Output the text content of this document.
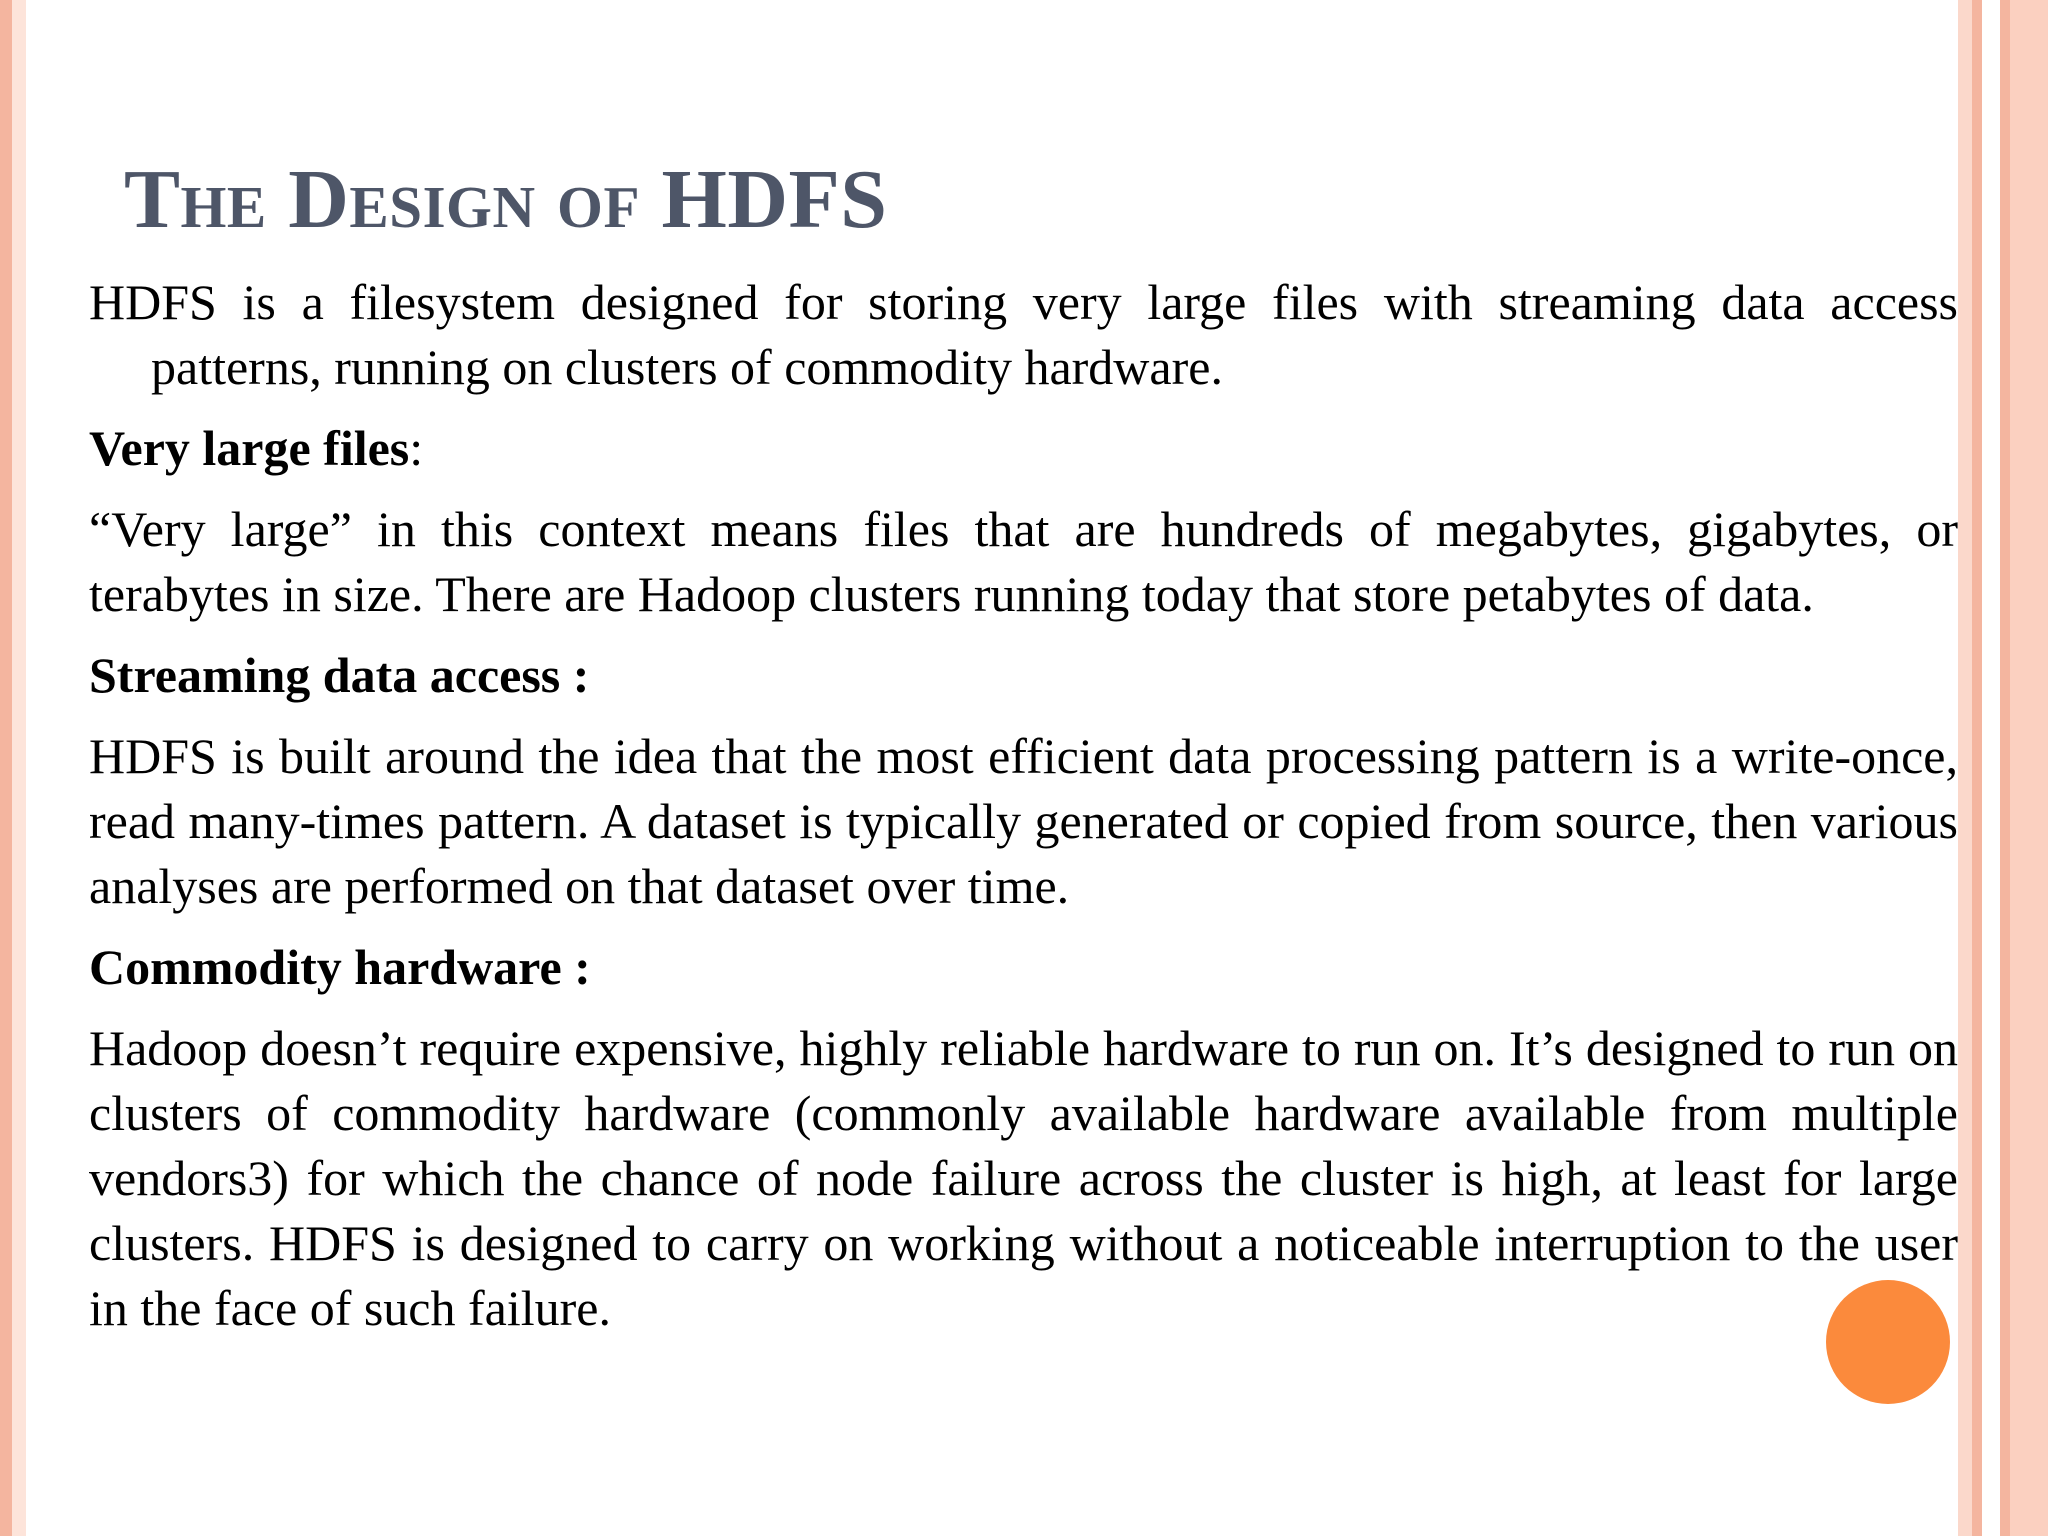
The Design of HDFS

HDFS is a filesystem designed for storing very large files with streaming data access patterns, running on clusters of commodity hardware.

Very large files:

“Very large” in this context means files that are hundreds of megabytes, gigabytes, or terabytes in size. There are Hadoop clusters running today that store petabytes of data.

Streaming data access :

HDFS is built around the idea that the most efficient data processing pattern is a write-once, read many-times pattern. A dataset is typically generated or copied from source, then various analyses are performed on that dataset over time.

Commodity hardware :

Hadoop doesn’t require expensive, highly reliable hardware to run on. It’s designed to run on clusters of commodity hardware (commonly available hardware available from multiple vendors3) for which the chance of node failure across the cluster is high, at least for large clusters. HDFS is designed to carry on working without a noticeable interruption to the user in the face of such failure.
